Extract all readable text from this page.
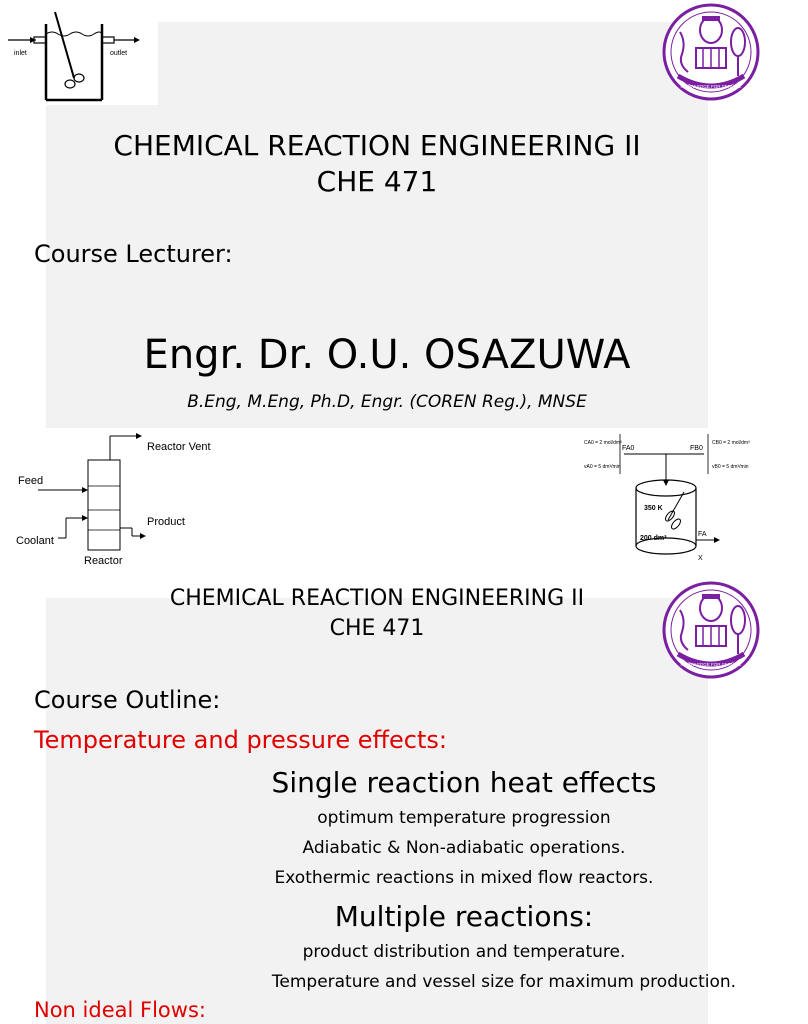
inlet	outlet
KNOWLEDGE FOR SERVICE
CHEMICAL REACTION ENGINEERING II
CHE 471
Course Lecturer:
Engr. Dr. O.U. OSAZUWA
B.Eng, M.Eng, Ph.D, Engr. (COREN Reg.), MNSE
Reactor Vent
Feed
Coolant
Product
Reactor
CA0 = 2 mol/dm³
vA0 = 5 dm³/min
CB0 = 2 mol/dm³
vB0 = 5 dm³/min
FA0	FB0
350 K
200 dm³
FA
X
KNOWLEDGE FOR SERVICE
CHEMICAL REACTION ENGINEERING II
CHE 471
Course Outline:
Temperature and pressure effects:
Single reaction heat effects
optimum temperature progression
Adiabatic & Non-adiabatic operations.
Exothermic reactions in mixed flow reactors.
Multiple reactions:
product distribution and temperature.
Temperature and vessel size for maximum production.
Non ideal Flows:
